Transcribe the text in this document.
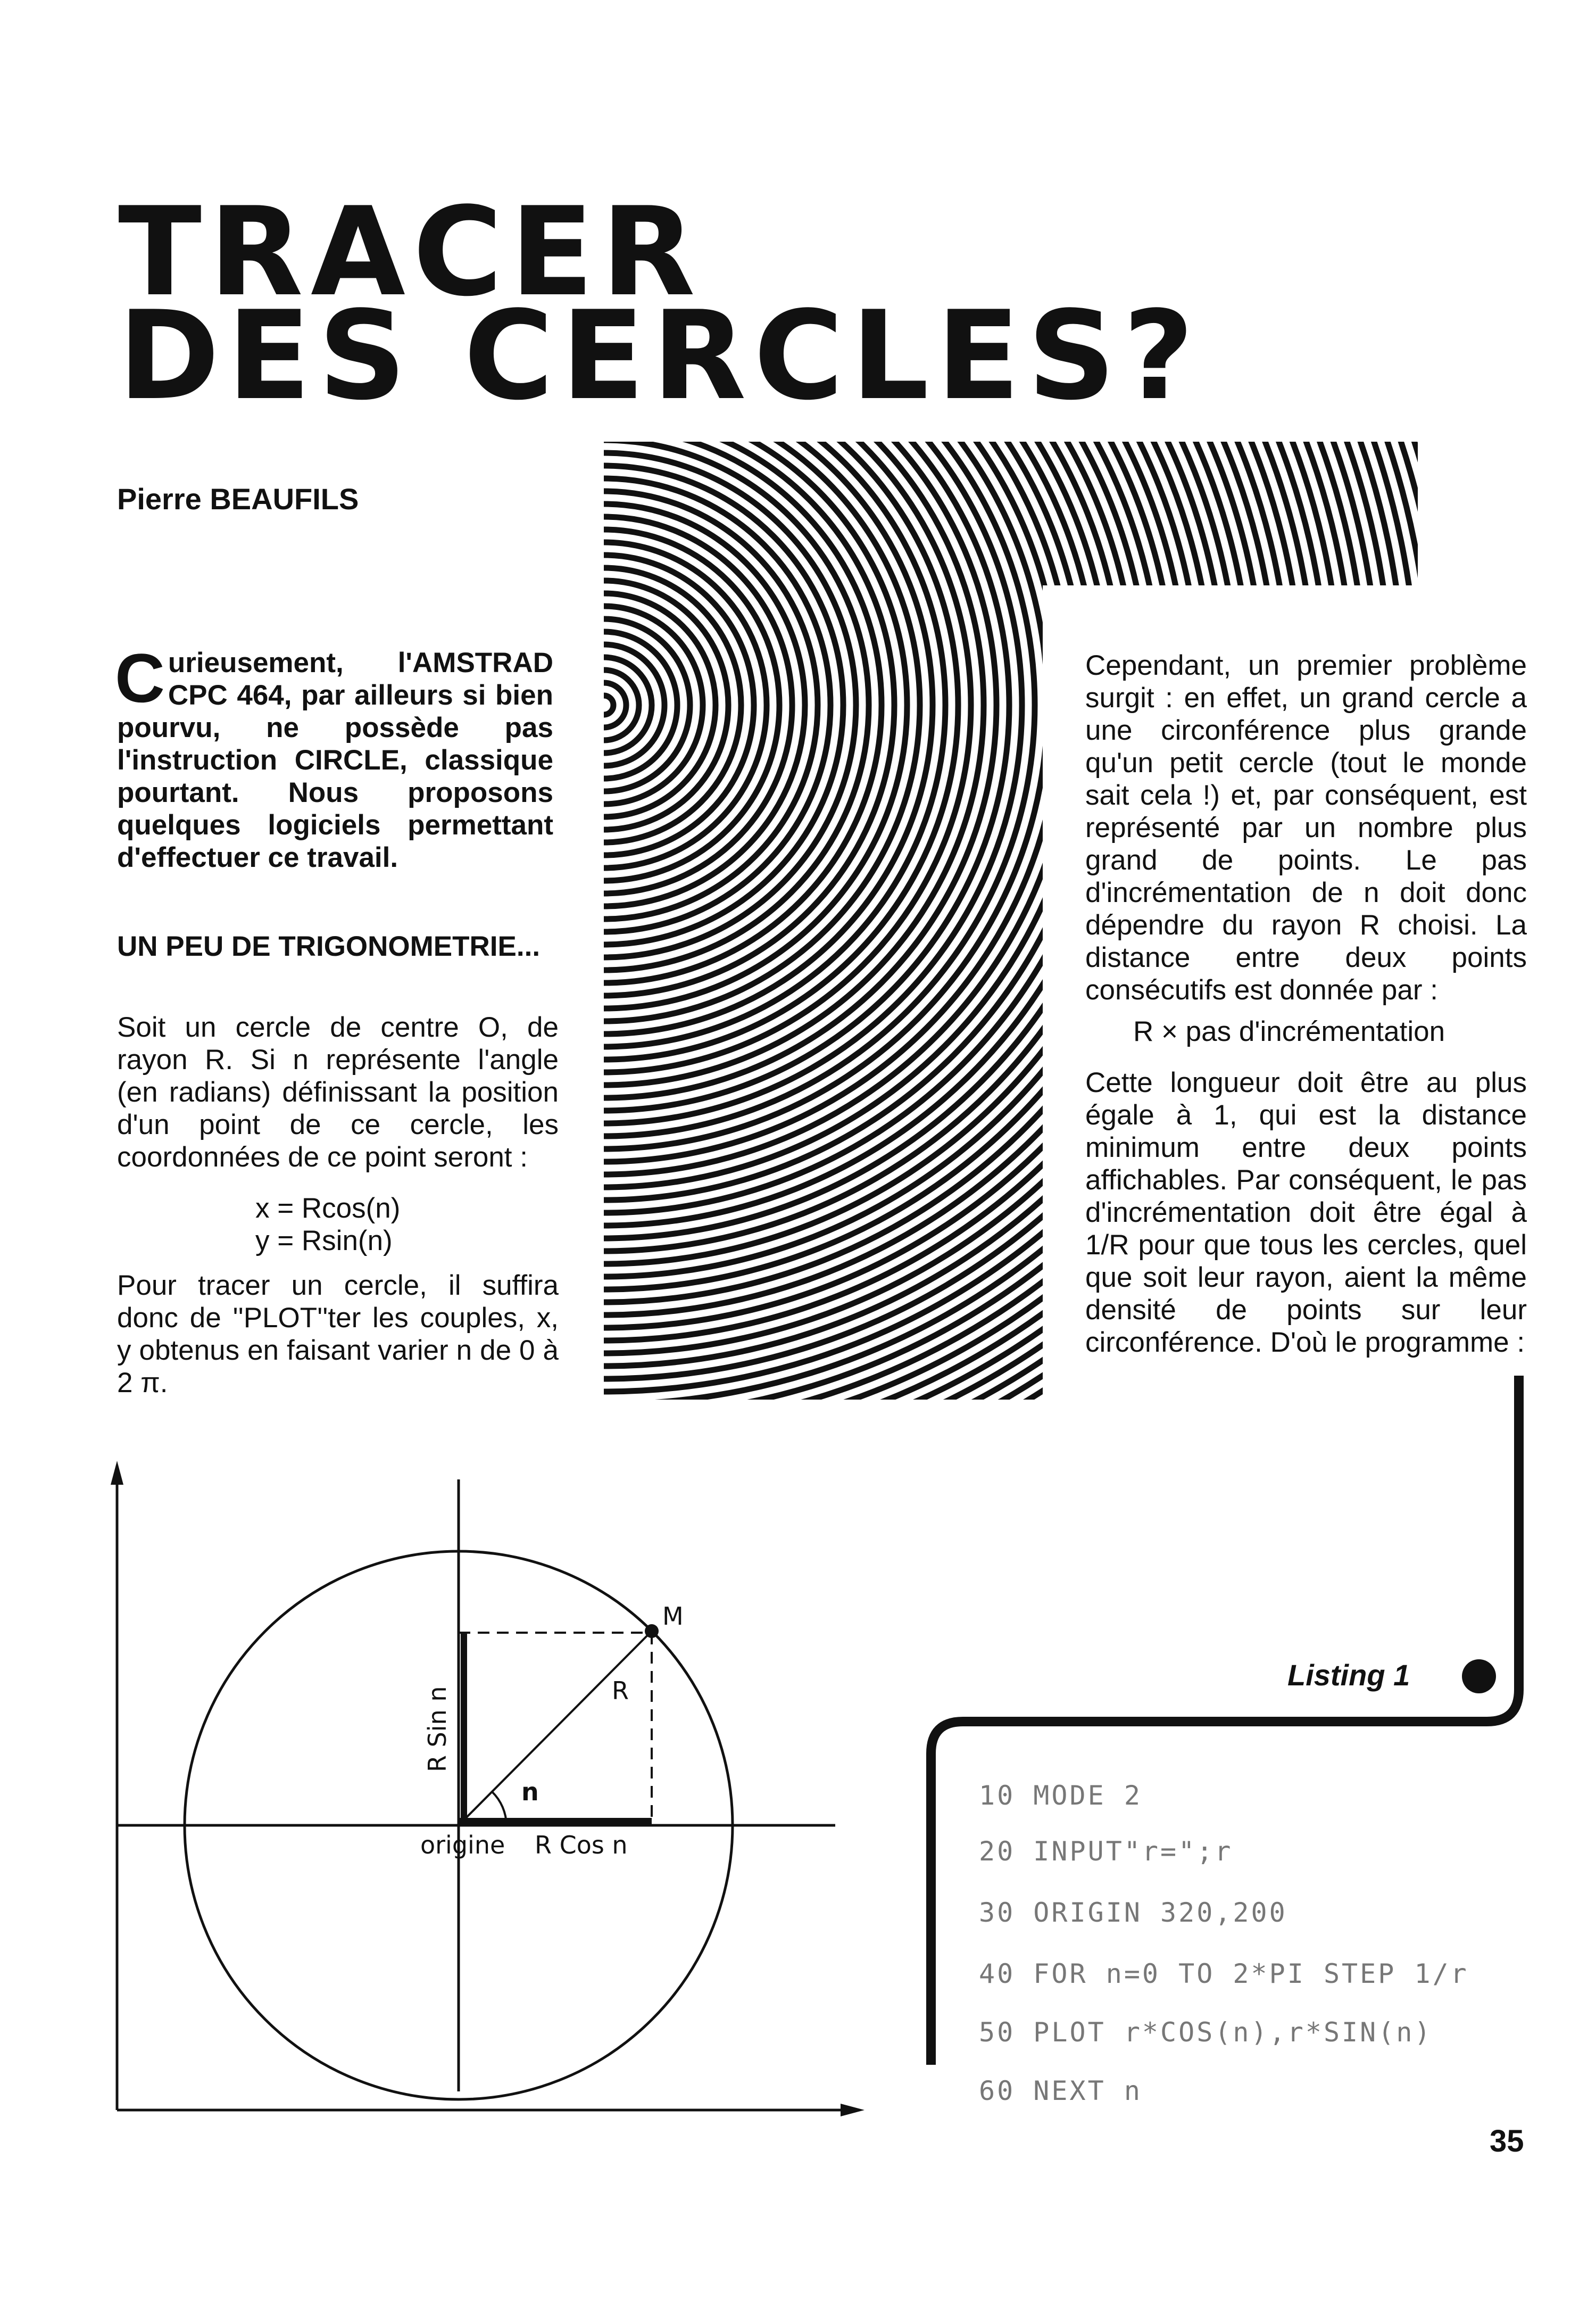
TRACER
DES CERCLES?
Pierre BEAUFILS
Curieusement, l'AMSTRAD CPC 464, par ailleurs si bien pourvu, ne possède pas l'instruction CIRCLE, classique pourtant. Nous proposons quelques logiciels permettant d'effectuer ce travail.
UN PEU DE TRIGONOMETRIE...
Soit un cercle de centre O, de rayon R. Si n représente l'angle (en radians) définissant la position d'un point de ce cercle, les coordonnées de ce point seront :
x = Rcos(n)
y = Rsin(n)
Pour tracer un cercle, il suffira donc de ''PLOT''ter les couples, x, y obtenus en faisant varier n de 0 à 2 π.
Cependant, un premier problème surgit : en effet, un grand cercle a une circonférence plus grande qu'un petit cercle (tout le monde sait cela !) et, par conséquent, est représenté par un nombre plus grand de points. Le pas d'incrémentation de n doit donc dépendre du rayon R choisi. La distance entre deux points consécutifs est donnée par :
R × pas d'incrémentation
Cette longueur doit être au plus égale à 1, qui est la distance minimum entre deux points affichables. Par conséquent, le pas d'incrémentation doit être égal à 1/R pour que tous les cercles, quel que soit leur rayon, aient la même densité de points sur leur circonférence. D'où le programme :
M
R
n
R Sin n
R Cos n
origine
Listing 1
10 MODE 2
20 INPUT"r=";r
30 ORIGIN 320,200
40 FOR n=0 TO 2*PI STEP 1/r
50 PLOT r*COS(n),r*SIN(n)
60 NEXT n
35
